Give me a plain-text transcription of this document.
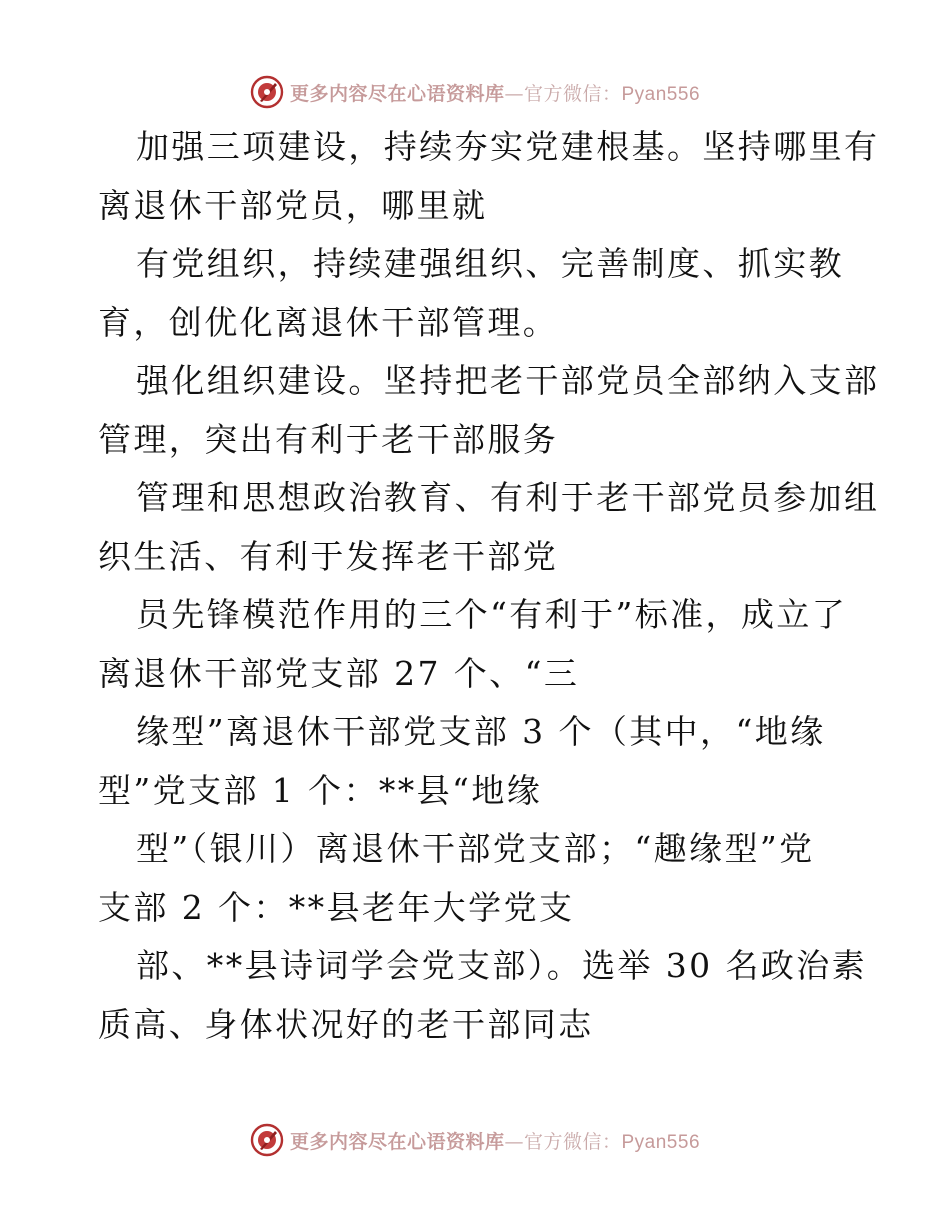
更多内容尽在心语资料库—官方微信：Pyan556
加强三项建设，持续夯实党建根基。坚持哪里有
离退休干部党员，哪里就
有党组织，持续建强组织、完善制度、抓实教
育，创优化离退休干部管理。
强化组织建设。坚持把老干部党员全部纳入支部
管理，突出有利于老干部服务
管理和思想政治教育、有利于老干部党员参加组
织生活、有利于发挥老干部党
员先锋模范作用的三个“有利于”标准，成立了
离退休干部党支部 27 个、“三
缘型”离退休干部党支部 3 个（其中，“地缘
型”党支部 1 个：**县“地缘
型”（银川）离退休干部党支部；“趣缘型”党
支部 2 个：**县老年大学党支
部、**县诗词学会党支部）。选举 30 名政治素
质高、身体状况好的老干部同志
更多内容尽在心语资料库—官方微信：Pyan556
